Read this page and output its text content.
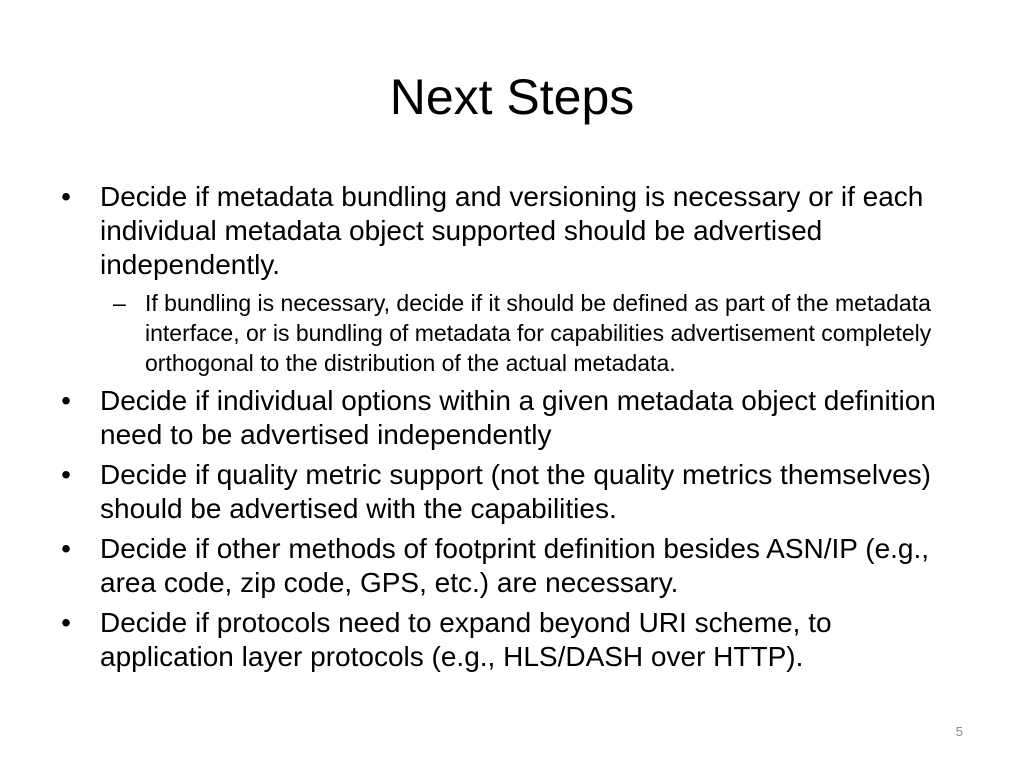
Next Steps
• Decide if metadata bundling and versioning is necessary or if each individual metadata object supported should be advertised independently.
– If bundling is necessary, decide if it should be defined as part of the metadata interface, or is bundling of metadata for capabilities advertisement completely orthogonal to the distribution of the actual metadata.
• Decide if individual options within a given metadata object definition need to be advertised independently
• Decide if quality metric support (not the quality metrics themselves) should be advertised with the capabilities.
• Decide if other methods of footprint definition besides ASN/IP (e.g., area code, zip code, GPS, etc.) are necessary.
• Decide if protocols need to expand beyond URI scheme, to application layer protocols (e.g., HLS/DASH over HTTP).
5
